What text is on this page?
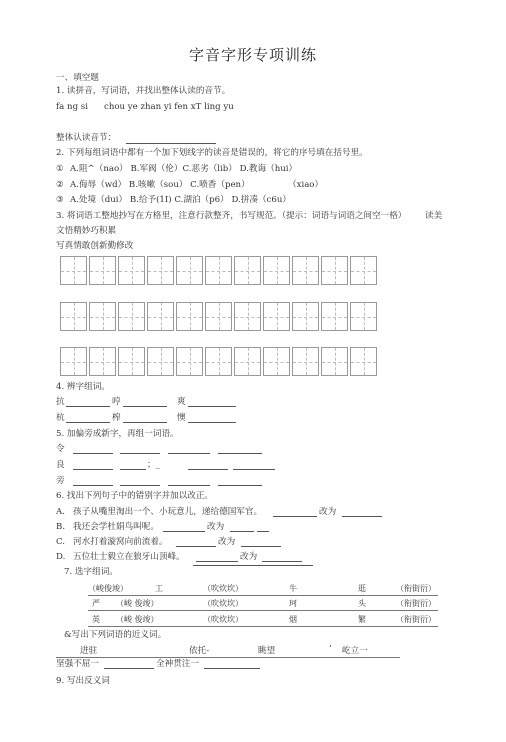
字音字形专项训练
一、填空题
1. 读拼音，写词语，并找出整体认读的音节。
fa ng si chou ye zhan yi fen xT ling yu
整体认读音节：
2. 下列每组词语中都有一个加下划线字的读音是错误的，将它的序号填在括号里。
① A.阻^（nao） B.军阀（伦）C.恶劣（lib） D.教诲（hui）
② A.侮辱（wd） B.咳嗽（sou） C.喷香（pen）	（xiao）
③ A.处境（dui） B.给予(1I) C.湖泊（p6） D.拼凑（c6u）
3. 将词语工整地抄写在方格里，注意行款整齐，书写规范。（提示：词语与词语之间空一格） 读美
文悟精妙巧积累
写真情敢创新勤修改
4. 辨字组词。
抗	哼	爽
杭	榨	懊
5. 加偏旁成新字，再组一词语。
令
良	；_
旁
6. 找出下列句子中的错别字并加以改正。
A. 孩子从嘴里淘出一个、小玩意儿，递给德国军官。	改为
B. 我还会学杜娟鸟叫呢。	改为
C. 河水打着漩窝向前流着。	改为
D. 五位壮士毅立在狼牙山顶峰。	改为
7. 选字组词。
（峻俊竣）	工	（吹炊坎）	牛	逛	（衔街衍）
严 （峻 俊竣）	（吹炊坎）	珂	头	（衔街衍）
英 （峻 俊竣）	（吹炊坎）	烟	繁	（衔街衍）
&写出下列词语的近义词。
进驻	依托-	眺望	’ 屹立一
坚强不屈一	全神贯注一
9. 写出反义词
